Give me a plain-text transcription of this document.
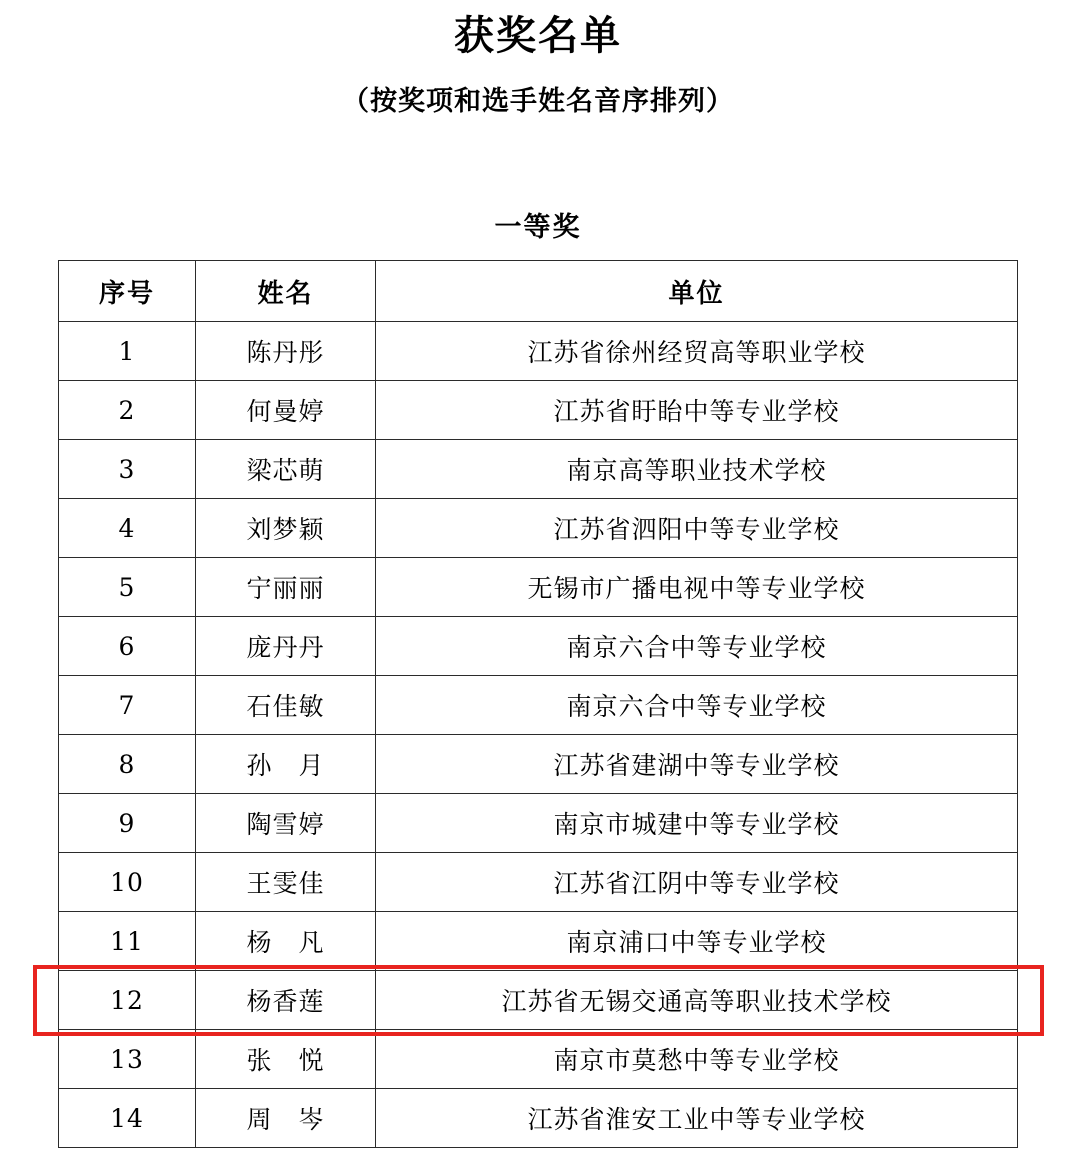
获奖名单
（按奖项和选手姓名音序排列）
一等奖
序号	姓名	单位
1	陈丹彤	江苏省徐州经贸高等职业学校
2	何曼婷	江苏省盱眙中等专业学校
3	梁芯萌	南京高等职业技术学校
4	刘梦颖	江苏省泗阳中等专业学校
5	宁丽丽	无锡市广播电视中等专业学校
6	庞丹丹	南京六合中等专业学校
7	石佳敏	南京六合中等专业学校
8	孙　月	江苏省建湖中等专业学校
9	陶雪婷	南京市城建中等专业学校
10	王雯佳	江苏省江阴中等专业学校
11	杨　凡	南京浦口中等专业学校
12	杨香莲	江苏省无锡交通高等职业技术学校
13	张　悦	南京市莫愁中等专业学校
14	周　岑	江苏省淮安工业中等专业学校
